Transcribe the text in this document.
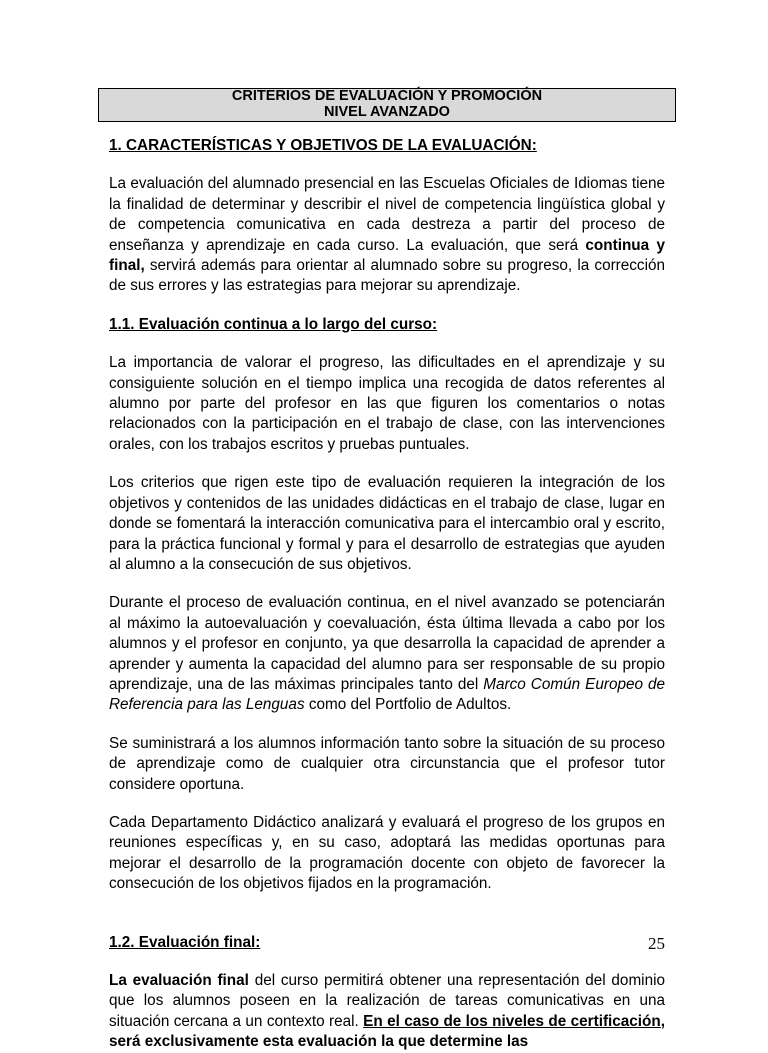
CRITERIOS DE EVALUACIÓN Y PROMOCIÓN
NIVEL AVANZADO
1. CARACTERÍSTICAS Y OBJETIVOS DE LA EVALUACIÓN:

La evaluación del alumnado presencial en las Escuelas Oficiales de Idiomas tiene la finalidad de determinar y describir el nivel de competencia lingüística global y de competencia comunicativa en cada destreza a partir del proceso de enseñanza y aprendizaje en cada curso. La evaluación, que será continua y final, servirá además para orientar al alumnado sobre su progreso, la corrección de sus errores y las estrategias para mejorar su aprendizaje.

1.1. Evaluación continua a lo largo del curso:

La importancia de valorar el progreso, las dificultades en el aprendizaje y su consiguiente solución en el tiempo implica una recogida de datos referentes al alumno por parte del profesor en las que figuren los comentarios o notas relacionados con la participación en el trabajo de clase, con las intervenciones orales, con los trabajos escritos y pruebas puntuales.

Los criterios que rigen este tipo de evaluación requieren la integración de los objetivos y contenidos de las unidades didácticas en el trabajo de clase, lugar en donde se fomentará la interacción comunicativa para el intercambio oral y escrito, para la práctica funcional y formal y para el desarrollo de estrategias que ayuden al alumno a la consecución de sus objetivos.

Durante el proceso de evaluación continua, en el nivel avanzado se potenciarán al máximo la autoevaluación y coevaluación, ésta última llevada a cabo por los alumnos y el profesor en conjunto, ya que desarrolla la capacidad de aprender a aprender y aumenta la capacidad del alumno para ser responsable de su propio aprendizaje, una de las máximas principales tanto del Marco Común Europeo de Referencia para las Lenguas como del Portfolio de Adultos.

Se suministrará a los alumnos información tanto sobre la situación de su proceso de aprendizaje como de cualquier otra circunstancia que el profesor tutor considere oportuna.

Cada Departamento Didáctico analizará y evaluará el progreso de los grupos en reuniones específicas y, en su caso, adoptará las medidas oportunas para mejorar el desarrollo de la programación docente con objeto de favorecer la consecución de los objetivos fijados en la programación.

1.2. Evaluación final:

La evaluación final del curso permitirá obtener una representación del dominio que los alumnos poseen en la realización de tareas comunicativas en una situación cercana a un contexto real. En el caso de los niveles de certificación, será exclusivamente esta evaluación la que determine las

25
